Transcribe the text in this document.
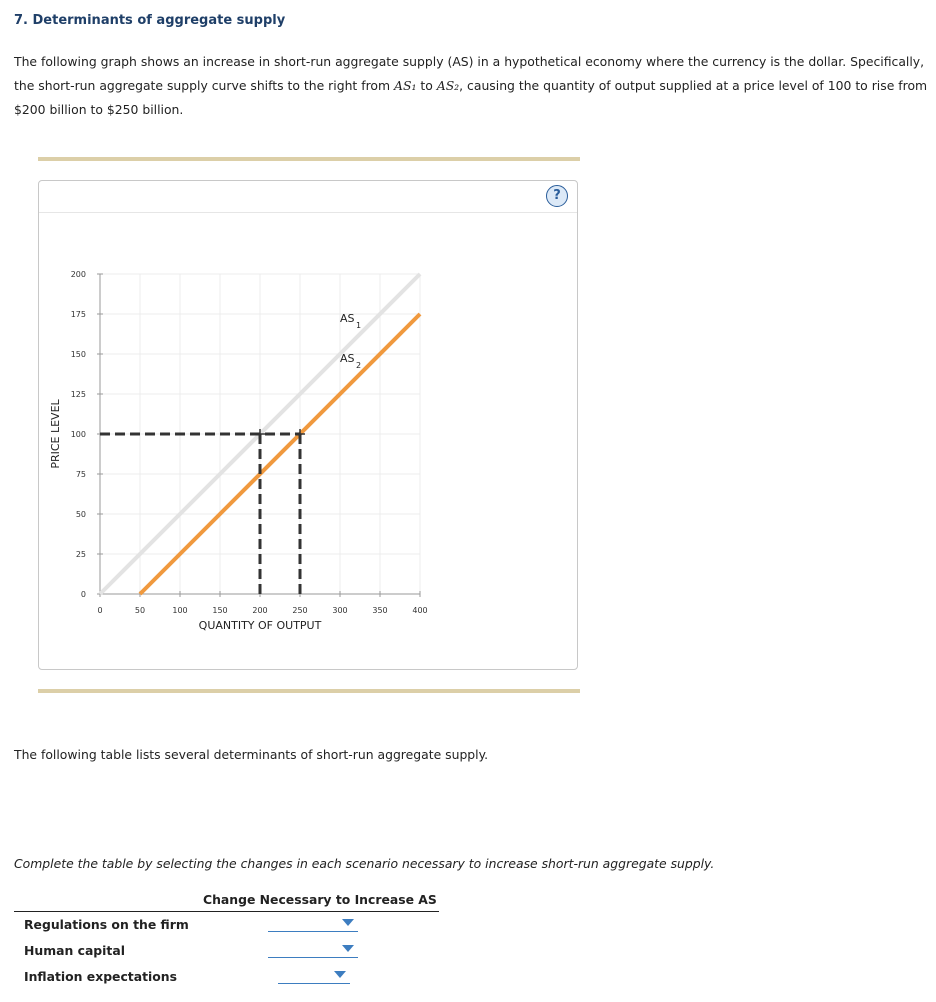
7. Determinants of aggregate supply

The following graph shows an increase in short-run aggregate supply (AS) in a hypothetical economy where the currency is the dollar. Specifically, the short-run aggregate supply curve shifts to the right from AS₁ to AS₂, causing the quantity of output supplied at a price level of 100 to rise from $200 billion to $250 billion.

?
0
25
50
75
100
125
150
175
200
0	50	100	150	200	250	300	350	400
QUANTITY OF OUTPUT
PRICE LEVEL
AS
1
AS
2

The following table lists several determinants of short-run aggregate supply.

Complete the table by selecting the changes in each scenario necessary to increase short-run aggregate supply.

Change Necessary to Increase AS
Regulations on the firm
Human capital
Inflation expectations
